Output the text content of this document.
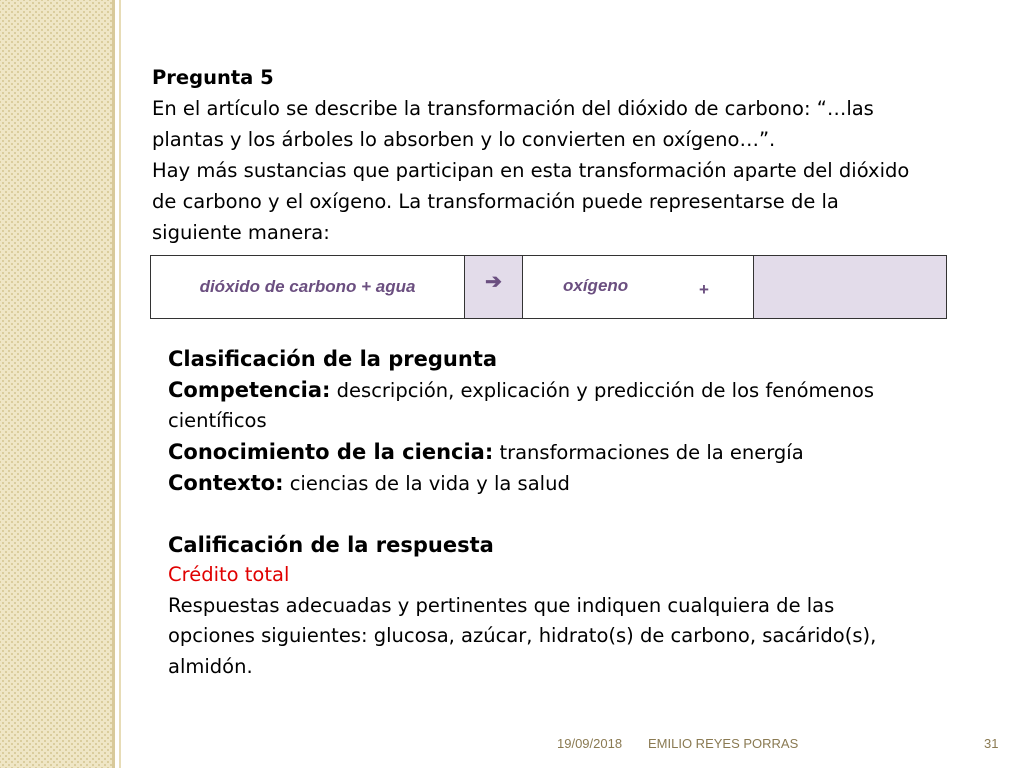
Pregunta 5
En el artículo se describe la transformación del dióxido de carbono: “…las
plantas y los árboles lo absorben y lo convierten en oxígeno…”.
Hay más sustancias que participan en esta transformación aparte del dióxido
de carbono y el oxígeno. La transformación puede representarse de la
siguiente manera:
dióxido de carbono + agua	➔	oxígeno	+

Clasificación de la pregunta
Competencia: descripción, explicación y predicción de los fenómenos
científicos
Conocimiento de la ciencia: transformaciones de la energía
Contexto: ciencias de la vida y la salud
Calificación de la respuesta
Crédito total
Respuestas adecuadas y pertinentes que indiquen cualquiera de las
opciones siguientes: glucosa, azúcar, hidrato(s) de carbono, sacárido(s),
almidón.
19/09/2018 EMILIO REYES PORRAS	31
